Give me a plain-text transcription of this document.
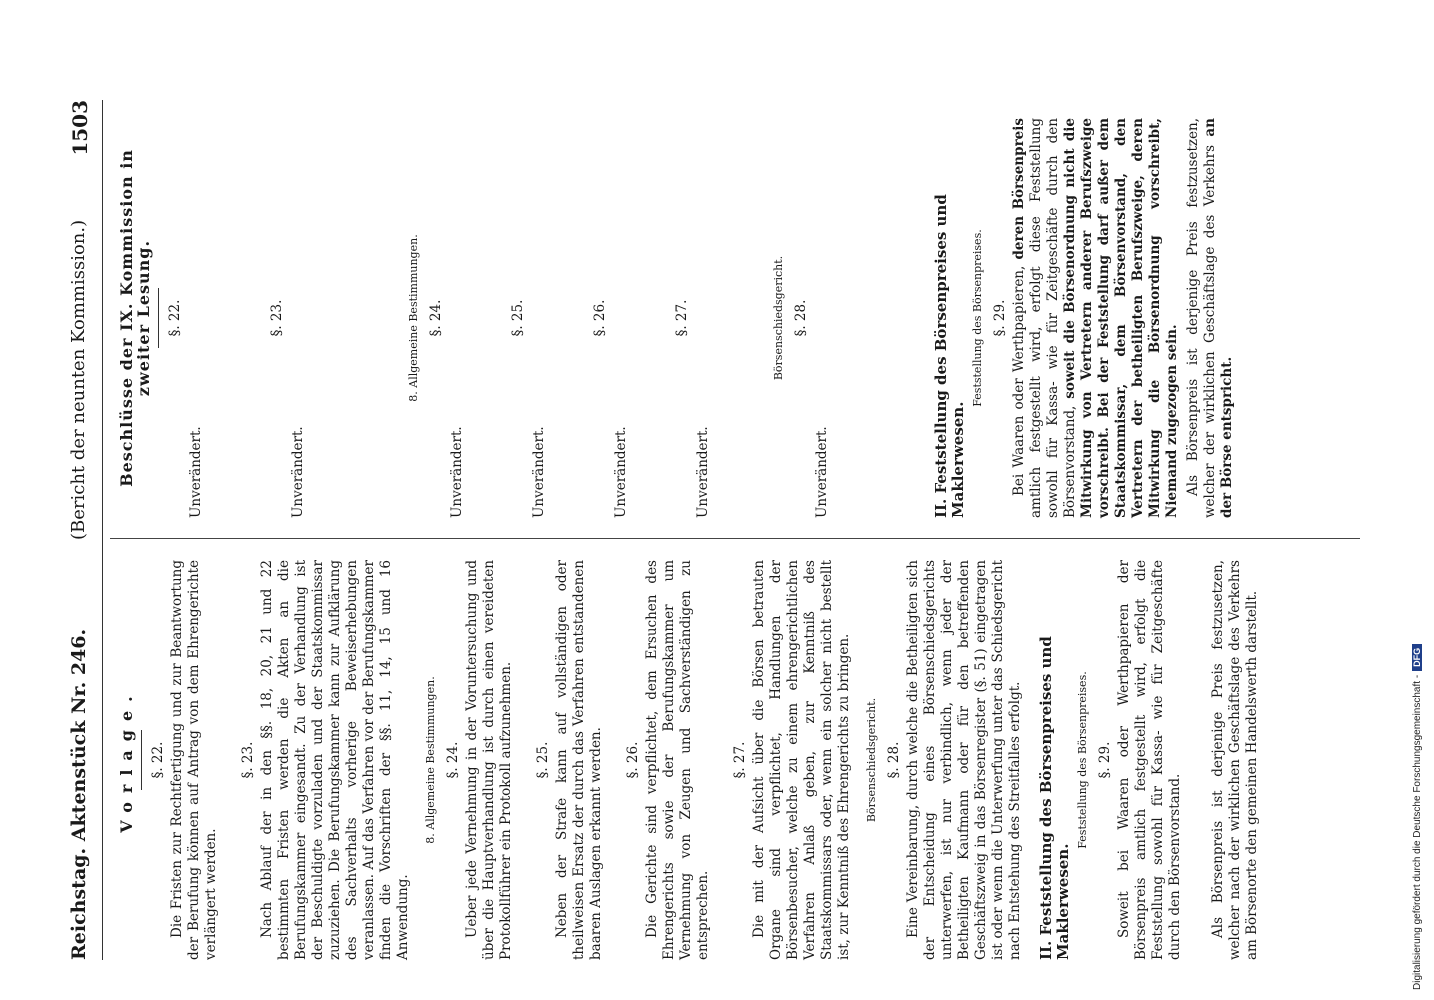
Reichstag. Aktenstück Nr. 246.
(Bericht der neunten Kommission.)
1503
Vorlage. §. 22. Die Fristen zur Rechtfertigung und zur Beantwortung der Berufung können auf Antrag von dem Ehrengerichte verlängert werden.

§. 23. Nach Ablauf der in den §§. 18, 20, 21 und 22 bestimmten Fristen werden die Akten an die Berufungskammer eingesandt. Zu der Verhandlung ist der Beschuldigte vorzuladen und der Staatskommissar zuzuziehen. Die Berufungskammer kann zur Aufklärung des Sachverhalts vorherige Beweiserhebungen veranlassen. Auf das Verfahren vor der Berufungskammer finden die Vorschriften der §§. 11, 14, 15 und 16 Anwendung.

8. Allgemeine Bestimmungen. §. 24. Ueber jede Vernehmung in der Voruntersuchung und über die Hauptverhandlung ist durch einen vereideten Protokollführer ein Protokoll aufzunehmen. §. 25. Neben der Strafe kann auf vollständigen oder theilweisen Ersatz der durch das Verfahren entstandenen baaren Auslagen erkannt werden. §. 26. Die Gerichte sind verpflichtet, dem Ersuchen des Ehrengerichts sowie der Berufungskammer um Vernehmung von Zeugen und Sachverständigen zu entsprechen.

§. 27. Die mit der Aufsicht über die Börsen betrauten Organe sind verpflichtet, Handlungen der Börsenbesucher, welche zu einem ehrengerichtlichen Verfahren Anlaß geben, zur Kenntniß des Staatskommissars oder, wenn ein solcher nicht bestellt ist, zur Kenntniß des Ehrengerichts zu bringen. Börsenschiedsgericht. §. 28. Eine Vereinbarung, durch welche die Betheiligten sich der Entscheidung eines Börsenschiedsgerichts unterwerfen, ist nur verbindlich, wenn jeder der Betheiligten Kaufmann oder für den betreffenden Geschäftszweig in das Börsenregister (§. 51) eingetragen ist oder wenn die Unterwerfung unter das Schiedsgericht nach Entstehung des Streitfalles erfolgt. II. Feststellung des Börsenpreises und Maklerwesen.
Feststellung des Börsenpreises. §. 29. Soweit bei Waaren oder Werthpapieren der Börsenpreis amtlich festgestellt wird, erfolgt die Feststellung sowohl für Kassa- wie für Zeitgeschäfte durch den Börsenvorstand. Als Börsenpreis ist derjenige Preis festzusetzen, welcher nach der wirklichen Geschäftslage des Verkehrs am Börsenorte den gemeinen Handelswerth darstellt.

Beschlüsse der IX. Kommission in zweiter Lesung. §. 22.

Unverändert.

§. 23.

Unverändert.

8. Allgemeine Bestimmungen. §. 24.

Unverändert.

§. 25.

Unverändert.

§. 26.

Unverändert.

§. 27.

Unverändert.

Börsenschiedsgericht. §. 28.

Unverändert.	II. Feststellung des Börsenpreises und Maklerwesen.
Feststellung des Börsenpreises. §. 29. Bei Waaren oder Werthpapieren, deren Börsenpreis amtlich festgestellt wird, erfolgt diese Feststellung sowohl für Kassa- wie für Zeitgeschäfte durch den Börsenvorstand, soweit die Börsenordnung nicht die Mitwirkung von Vertretern anderer Berufszweige vorschreibt. Bei der Feststellung darf außer dem Staatskommissar, dem Börsenvorstand, den Vertretern der betheiligten Berufszweige, deren Mitwirkung die Börsenordnung vorschreibt, Niemand zugezogen sein. Als Börsenpreis ist derjenige Preis festzusetzen, welcher der wirklichen Geschäftslage des Verkehrs an der Börse entspricht.

Digitalisierung gefördert durch die Deutsche Forschungsgemeinschaft -DFG
